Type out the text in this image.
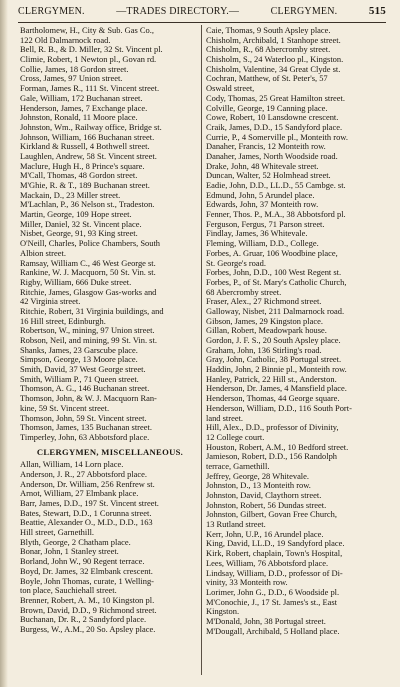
CLERGYMEN.	—TRADES DIRECTORY.—	CLERGYMEN.	515
Bartholomew, H., City & Sub. Gas Co.,
122 Old Dalmarnock road.
Bell, R. B., & D. Miller, 32 St. Vincent pl.
Climie, Robert, 1 Newton pl., Govan rd.
Collie, James, 18 Gordon street.
Cross, James, 97 Union street.
Forman, James R., 111 St. Vincent street.
Gale, William, 172 Buchanan street.
Henderson, James, 7 Exchange place.
Johnston, Ronald, 11 Moore place.
Johnston, Wm., Railway office, Bridge st.
Johnson, William, 166 Buchanan street.
Kirkland & Russell, 4 Bothwell street.
Laughlen, Andrew, 58 St. Vincent street.
Maclure, Hugh H., 8 Prince's square.
M'Call, Thomas, 48 Gordon street.
M'Ghie, R. & T., 189 Buchanan street.
Mackain, D., 23 Miller street.
M'Lachlan, P., 36 Nelson st., Tradeston.
Martin, George, 109 Hope street.
Miller, Daniel, 32 St. Vincent place.
Nisbet, George, 91, 93 King street.
O'Neill, Charles, Police Chambers, South
Albion street.
Ramsay, William C., 46 West George st.
Rankine, W. J. Macquorn, 50 St. Vin. st.
Rigby, William, 666 Duke street.
Ritchie, James, Glasgow Gas-works and
42 Virginia street.
Ritchie, Robert, 31 Virginia buildings, and
16 Hill street, Edinburgh.
Robertson, W., mining, 97 Union street.
Robson, Neil, and mining, 99 St. Vin. st.
Shanks, James, 23 Garscube place.
Simpson, George, 13 Moore place.
Smith, David, 37 West George street.
Smith, William P., 71 Queen street.
Thomson, A. G., 146 Buchanan street.
Thomson, John, & W. J. Macquorn Ran-
kine, 59 St. Vincent street.
Thomson, John, 59 St. Vincent street.
Thomson, James, 135 Buchanan street.
Timperley, John, 63 Abbotsford place.
CLERGYMEN, MISCELLANEOUS.
Allan, William, 14 Lorn place.
Anderson, J. R., 27 Abbotsford place.
Anderson, Dr. William, 256 Renfrew st.
Arnot, William, 27 Elmbank place.
Barr, James, D.D., 197 St. Vincent street.
Bates, Stewart, D.D., 1 Corunna street.
Beattie, Alexander O., M.D., D.D., 163
Hill street, Garnethill.
Blyth, George, 2 Chatham place.
Bonar, John, 1 Stanley street.
Borland, John W., 90 Regent terrace.
Boyd, Dr. James, 32 Elmbank crescent.
Boyle, John Thomas, curate, 1 Welling-
ton place, Sauchiehall street.
Brenner, Robert, A. M., 10 Kingston pl.
Brown, David, D.D., 9 Richmond street.
Buchanan, Dr. R., 2 Sandyford place.
Burgess, W., A.M., 20 So. Apsley place.
Caie, Thomas, 9 South Apsley place.
Chisholm, Archibald, 1 Stanhope street.
Chisholm, R., 68 Abercromby street.
Chisholm, S., 24 Waterloo pl., Kingston.
Chisholm, Valentine, 34 Great Clyde st.
Cochran, Matthew, of St. Peter's, 57
Oswald street,
Cody, Thomas, 25 Great Hamilton street.
Colville, George, 19 Canning place.
Cowe, Robert, 10 Lansdowne crescent.
Craik, James, D.D., 15 Sandyford place.
Currie, P., 4 Somerville pl., Monteith row.
Danaher, Francis, 12 Monteith row.
Danaher, James, North Woodside road.
Drake, John, 48 Whitevale street.
Duncan, Walter, 52 Holmhead street.
Eadie, John, D.D., LL.D., 55 Cambge. st.
Edmund, John, 5 Arundel place.
Edwards, John, 37 Monteith row.
Fenner, Thos. P., M.A., 38 Abbotsford pl.
Ferguson, Fergus, 71 Parson street.
Findlay, James, 36 Whitevale.
Fleming, William, D.D., College.
Forbes, A. Gruar, 106 Woodbine place,
St. George's road.
Forbes, John, D.D., 100 West Regent st.
Forbes, P., of St. Mary's Catholic Church,
68 Abercromby street.
Fraser, Alex., 27 Richmond street.
Galloway, Nisbet, 211 Dalmarnock road.
Gibson, James, 29 Kingston place.
Gillan, Robert, Meadowpark house.
Gordon, J. F. S., 20 South Apsley place.
Graham, John, 136 Stirling's road.
Gray, John, Catholic, 38 Portugal street.
Haddin, John, 2 Binnie pl., Monteith row.
Hanley, Patrick, 22 Hill st., Anderston.
Henderson, Dr. James, 4 Mansfield place.
Henderson, Thomas, 44 George square.
Henderson, William, D.D., 116 South Port-
land street.
Hill, Alex., D.D., professor of Divinity,
12 College court.
Houston, Robert, A.M., 10 Bedford street.
Jamieson, Robert, D.D., 156 Randolph
terrace, Garnethill.
Jeffrey, George, 28 Whitevale.
Johnston, D., 13 Monteith row.
Johnston, David, Claythorn street.
Johnston, Robert, 56 Dundas street.
Johnston, Gilbert, Govan Free Church,
13 Rutland street.
Kerr, John, U.P., 16 Arundel place.
King, David, LL.D., 19 Sandyford place.
Kirk, Robert, chaplain, Town's Hospital,
Lees, William, 76 Abbotsford place.
Lindsay, William, D.D., professor of Di-
vinity, 33 Monteith row.
Lorimer, John G., D.D., 6 Woodside pl.
M'Conochie, J., 17 St. James's st., East
Kingston.
M'Donald, John, 38 Portugal street.
M'Dougall, Archibald, 5 Holland place.
